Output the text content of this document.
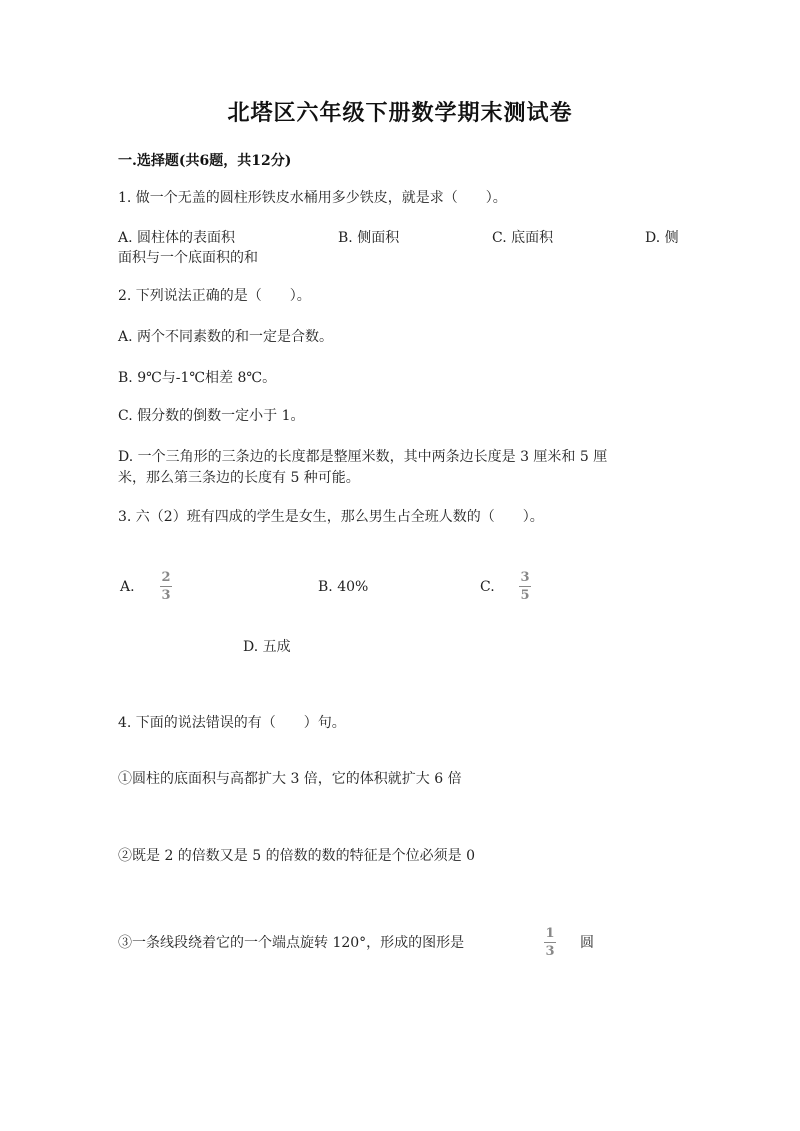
北塔区六年级下册数学期末测试卷
一.选择题(共6题，共12分)
1. 做一个无盖的圆柱形铁皮水桶用多少铁皮，就是求（　　）。
A. 圆柱体的表面积	B. 侧面积	C. 底面积	D. 侧
面积与一个底面积的和
2. 下列说法正确的是（　　）。
A. 两个不同素数的和一定是合数。
B. 9℃与-1℃相差 8℃。
C. 假分数的倒数一定小于 1。
D. 一个三角形的三条边的长度都是整厘米数，其中两条边长度是 3 厘米和 5 厘
米，那么第三条边的长度有 5 种可能。
3. 六（2）班有四成的学生是女生，那么男生占全班人数的（　　）。
A.
2
3
B. 40%	C.
3
5
D. 五成
4. 下面的说法错误的有（　　）句。
①圆柱的底面积与高都扩大 3 倍，它的体积就扩大 6 倍
②既是 2 的倍数又是 5 的倍数的数的特征是个位必须是 0
③一条线段绕着它的一个端点旋转 120°，形成的图形是
1
3
圆
